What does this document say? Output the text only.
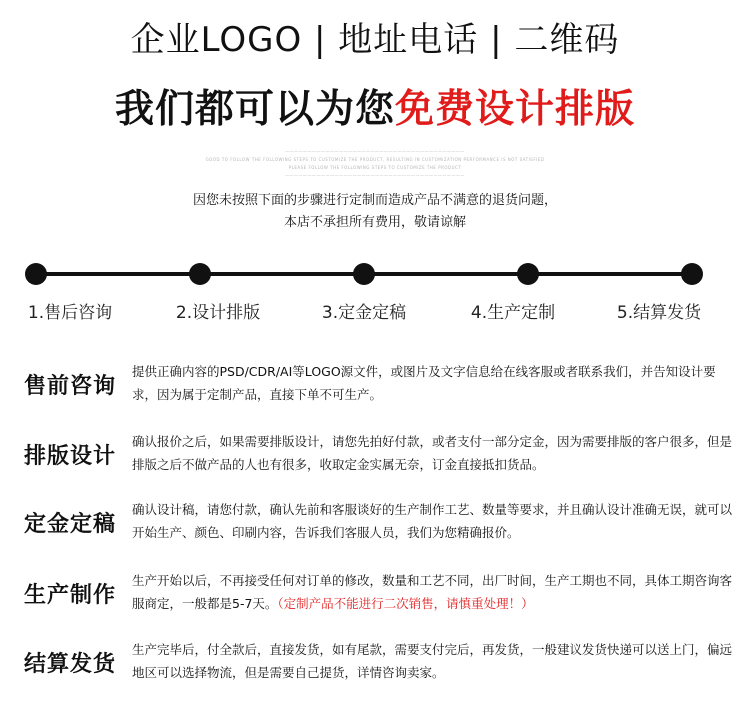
企业LOGO | 地址电话 | 二维码
我们都可以为您免费设计排版
————————————————————————————————————————
GOOD TO FOLLOW THE FOLLOWING STEPS TO CUSTOMIZE THE PRODUCT, RESULTING IN CUSTOMIZATION PERFORMANCE IS NOT SATISFIED
PLEASE FOLLOW THE FOLLOWING STEPS TO CUSTOMIZE THE PRODUCT
————————————————————————————————————————
因您未按照下面的步骤进行定制而造成产品不满意的退货问题，
本店不承担所有费用，敬请谅解
1.售后咨询	2.设计排版	3.定金定稿	4.生产定制	5.结算发货
售前咨询
提供正确内容的PSD/CDR/AI等LOGO源文件，或图片及文字信息给在线客服或者联系我们，并告知设计要求，因为属于定制产品，直接下单不可生产。
排版设计
确认报价之后，如果需要排版设计，请您先拍好付款，或者支付一部分定金，因为需要排版的客户很多，但是排版之后不做产品的人也有很多，收取定金实属无奈，订金直接抵扣货品。
定金定稿
确认设计稿，请您付款，确认先前和客服谈好的生产制作工艺、数量等要求，并且确认设计准确无误，就可以开始生产、颜色、印刷内容，告诉我们客服人员，我们为您精确报价。
生产制作
生产开始以后，不再接受任何对订单的修改，数量和工艺不同，出厂时间，生产工期也不同，具体工期咨询客服商定，一般都是5-7天。（定制产品不能进行二次销售，请慎重处理！）
结算发货
生产完毕后，付全款后，直接发货，如有尾款，需要支付完后，再发货，一般建议发货快递可以送上门，偏远地区可以选择物流，但是需要自己提货，详情咨询卖家。
